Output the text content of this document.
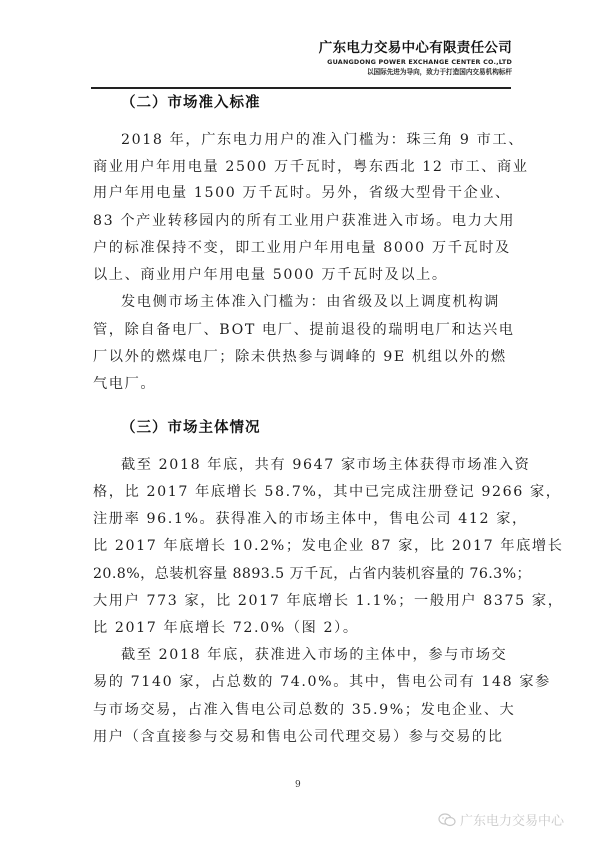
广东电力交易中心有限责任公司
GUANGDONG POWER EXCHANGE CENTER CO.,LTD
以国际先进为导向，致力于打造国内交易机构标杆
（二）市场准入标准
2018 年，广东电力用户的准入门槛为：珠三角 9 市工、
商业用户年用电量 2500 万千瓦时，粤东西北 12 市工、商业
用户年用电量 1500 万千瓦时。另外，省级大型骨干企业、
83 个产业转移园内的所有工业用户获准进入市场。电力大用
户的标准保持不变，即工业用户年用电量 8000 万千瓦时及
以上、商业用户年用电量 5000 万千瓦时及以上。
发电侧市场主体准入门槛为：由省级及以上调度机构调
管，除自备电厂、BOT 电厂、提前退役的瑞明电厂和达兴电
厂以外的燃煤电厂；除未供热参与调峰的 9E 机组以外的燃
气电厂。
（三）市场主体情况
截至 2018 年底，共有 9647 家市场主体获得市场准入资
格，比 2017 年底增长 58.7%，其中已完成注册登记 9266 家，
注册率 96.1%。获得准入的市场主体中，售电公司 412 家，
比 2017 年底增长 10.2%；发电企业 87 家，比 2017 年底增长
20.8%，总装机容量 8893.5 万千瓦，占省内装机容量的 76.3%；
大用户 773 家，比 2017 年底增长 1.1%；一般用户 8375 家，
比 2017 年底增长 72.0%（图 2）。
截至 2018 年底，获准进入市场的主体中，参与市场交
易的 7140 家，占总数的 74.0%。其中，售电公司有 148 家参
与市场交易，占准入售电公司总数的 35.9%；发电企业、大
用户（含直接参与交易和售电公司代理交易）参与交易的比
9
广东电力交易中心
